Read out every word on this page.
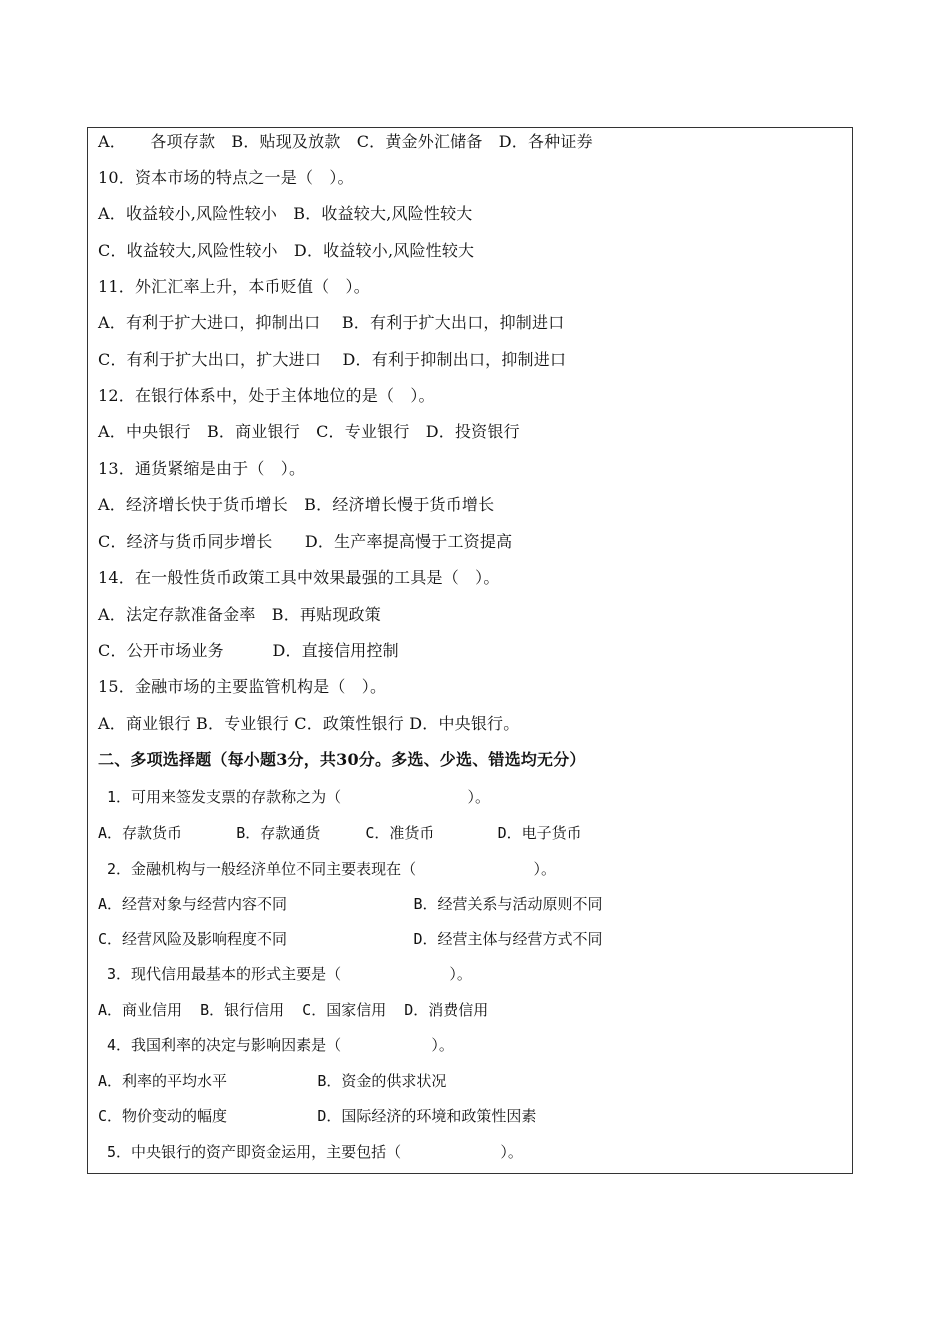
A．　　各项存款　B．贴现及放款　C．黄金外汇储备　D．各种证券
10．资本市场的特点之一是（　）。
A．收益较小,风险性较小　B．收益较大,风险性较大
C．收益较大,风险性较小　D．收益较小,风险性较大
11．外汇汇率上升，本币贬值（　）。
A．有利于扩大进口，抑制出口　 B．有利于扩大出口，抑制进口
C．有利于扩大出口，扩大进口　 D．有利于抑制出口，抑制进口
12．在银行体系中，处于主体地位的是（　）。
A．中央银行　B．商业银行　C．专业银行　D．投资银行
13．通货紧缩是由于（　）。
A．经济增长快于货币增长　B．经济增长慢于货币增长
C．经济与货币同步增长　　D．生产率提高慢于工资提高
14．在一般性货币政策工具中效果最强的工具是（　）。
A．法定存款准备金率　B．再贴现政策
C．公开市场业务　　　D．直接信用控制
15．金融市场的主要监管机构是（　）。
A．商业银行 B．专业银行 C．政策性银行 D．中央银行。
二、多项选择题（每小题3分，共30分。多选、少选、错选均无分）
1．可用来签发支票的存款称之为（              ）。
A．存款货币      B．存款通货     C．准货币       D．电子货币
2．金融机构与一般经济单位不同主要表现在（             ）。
A．经营对象与经营内容不同              B．经营关系与活动原则不同
C．经营风险及影响程度不同              D．经营主体与经营方式不同
3．现代信用最基本的形式主要是（            ）。
A．商业信用  B．银行信用  C．国家信用  D．消费信用
4．我国利率的决定与影响因素是（          ）。
A．利率的平均水平          B．资金的供求状况
C．物价变动的幅度          D．国际经济的环境和政策性因素
5．中央银行的资产即资金运用，主要包括（           ）。
